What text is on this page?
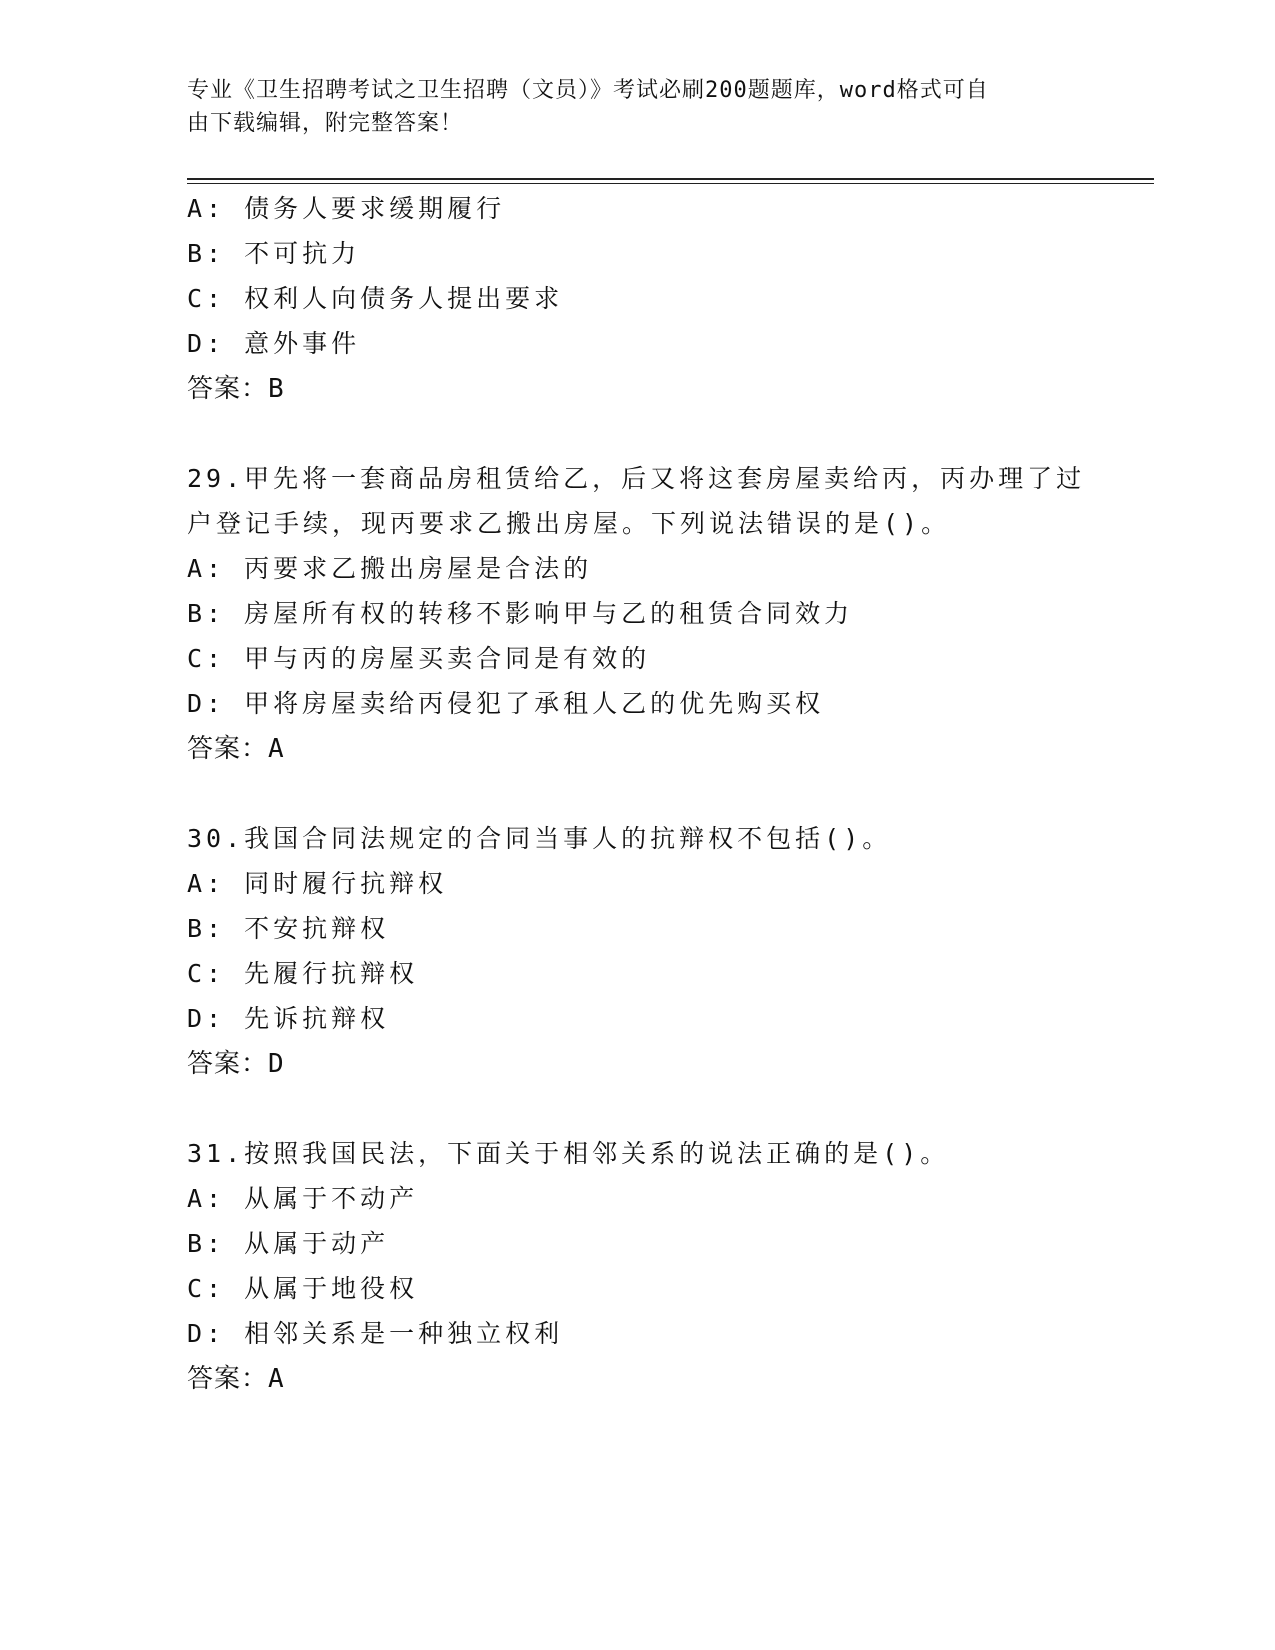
专业《卫生招聘考试之卫生招聘（文员）》考试必刷200题题库，word格式可自
由下载编辑，附完整答案！
A: 债务人要求缓期履行
B: 不可抗力
C: 权利人向债务人提出要求
D: 意外事件
答案：B
29.甲先将一套商品房租赁给乙，后又将这套房屋卖给丙，丙办理了过
户登记手续，现丙要求乙搬出房屋。下列说法错误的是()。
A: 丙要求乙搬出房屋是合法的
B: 房屋所有权的转移不影响甲与乙的租赁合同效力
C: 甲与丙的房屋买卖合同是有效的
D: 甲将房屋卖给丙侵犯了承租人乙的优先购买权
答案：A
30.我国合同法规定的合同当事人的抗辩权不包括()。
A: 同时履行抗辩权
B: 不安抗辩权
C: 先履行抗辩权
D: 先诉抗辩权
答案：D
31.按照我国民法，下面关于相邻关系的说法正确的是()。
A: 从属于不动产
B: 从属于动产
C: 从属于地役权
D: 相邻关系是一种独立权利
答案：A
